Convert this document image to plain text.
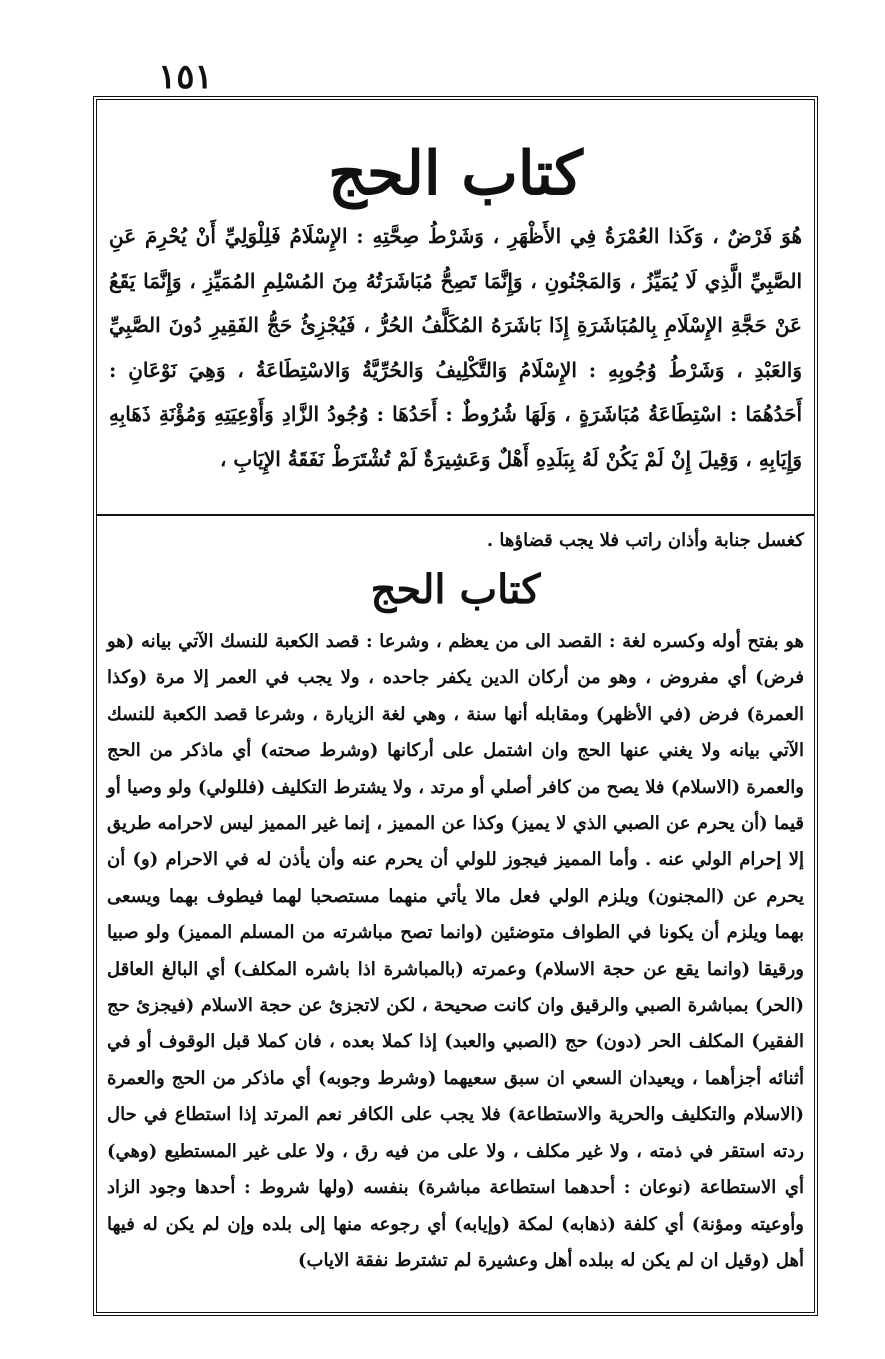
١٥١
كتاب الحج

هُوَ فَرْضٌ ، وَكَذا العُمْرَةُ فِي الأَظْهَرِ ، وَشَرْطُ صِحَّتِهِ : الإِسْلَامُ فَلِلْوَلِيِّ أَنْ يُحْرِمَ عَنِ الصَّبِيِّ الَّذِي لَا يُمَيِّزُ ، وَالمَجْنُونِ ، وَإِنَّمَا تَصِحُّ مُبَاشَرَتُهُ مِنَ المُسْلِمِ المُمَيِّزِ ، وَإِنَّمَا يَقَعُ عَنْ حَجَّةِ الإِسْلَامِ بِالمُبَاشَرَةِ إِذَا بَاشَرَهُ المُكَلَّفُ الحُرُّ ، فَيُجْزِئُ حَجُّ الفَقِيرِ دُونَ الصَّبِيِّ وَالعَبْدِ ، وَشَرْطُ وُجُوبِهِ : الإِسْلَامُ وَالتَّكْلِيفُ وَالحُرِّيَّةُ وَالاسْتِطَاعَةُ ، وَهِيَ نَوْعَانِ : أَحَدُهُمَا : اسْتِطَاعَةُ مُبَاشَرَةٍ ، وَلَهَا شُرُوطٌ : أَحَدُهَا : وُجُودُ الزَّادِ وَأَوْعِيَتِهِ وَمُؤْنَةِ ذَهَابِهِ وَإِيَابِهِ ، وَقِيلَ إِنْ لَمْ يَكُنْ لَهُ بِبَلَدِهِ أَهْلٌ وَعَشِيرَةٌ لَمْ تُشْتَرَطْ نَفَقَةُ الإِيَابِ ،

كغسل جنابة وأذان راتب فلا يجب قضاؤها .

كتاب الحج

هو بفتح أوله وكسره لغة : القصد الى من يعظم ، وشرعا : قصد الكعبة للنسك الآتي بيانه (هو فرض) أي مفروض ، وهو من أركان الدين يكفر جاحده ، ولا يجب في العمر إلا مرة (وكذا العمرة) فرض (في الأظهر) ومقابله أنها سنة ، وهي لغة الزيارة ، وشرعا قصد الكعبة للنسك الآتي بيانه ولا يغني عنها الحج وان اشتمل على أركانها (وشرط صحته) أي ماذكر من الحج والعمرة (الاسلام) فلا يصح من كافر أصلي أو مرتد ، ولا يشترط التكليف (فللولي) ولو وصيا أو قيما (أن يحرم عن الصبي الذي لا يميز) وكذا عن المميز ، إنما غير المميز ليس لاحرامه طريق إلا إحرام الولي عنه . وأما المميز فيجوز للولي أن يحرم عنه وأن يأذن له في الاحرام (و) أن يحرم عن (المجنون) ويلزم الولي فعل مالا يأتي منهما مستصحبا لهما فيطوف بهما ويسعى بهما ويلزم أن يكونا في الطواف متوضئين (وانما تصح مباشرته من المسلم المميز) ولو صبيا ورقيقا (وانما يقع عن حجة الاسلام) وعمرته (بالمباشرة اذا باشره المكلف) أي البالغ العاقل (الحر) بمباشرة الصبي والرقيق وان كانت صحيحة ، لكن لاتجزئ عن حجة الاسلام (فيجزئ حج الفقير) المكلف الحر (دون) حج (الصبي والعبد) إذا كملا بعده ، فان كملا قبل الوقوف أو في أثنائه أجزأهما ، ويعيدان السعي ان سبق سعيهما (وشرط وجوبه) أي ماذكر من الحج والعمرة (الاسلام والتكليف والحرية والاستطاعة) فلا يجب على الكافر نعم المرتد إذا استطاع في حال ردته استقر في ذمته ، ولا غير مكلف ، ولا على من فيه رق ، ولا على غير المستطيع (وهي) أي الاستطاعة (نوعان : أحدهما استطاعة مباشرة) بنفسه (ولها شروط : أحدها وجود الزاد وأوعيته ومؤنة) أي كلفة (ذهابه) لمكة (وإيابه) أي رجوعه منها إلى بلده وإن لم يكن له فيها أهل (وقيل ان لم يكن له ببلده أهل وعشيرة لم تشترط نفقة الاياب)
